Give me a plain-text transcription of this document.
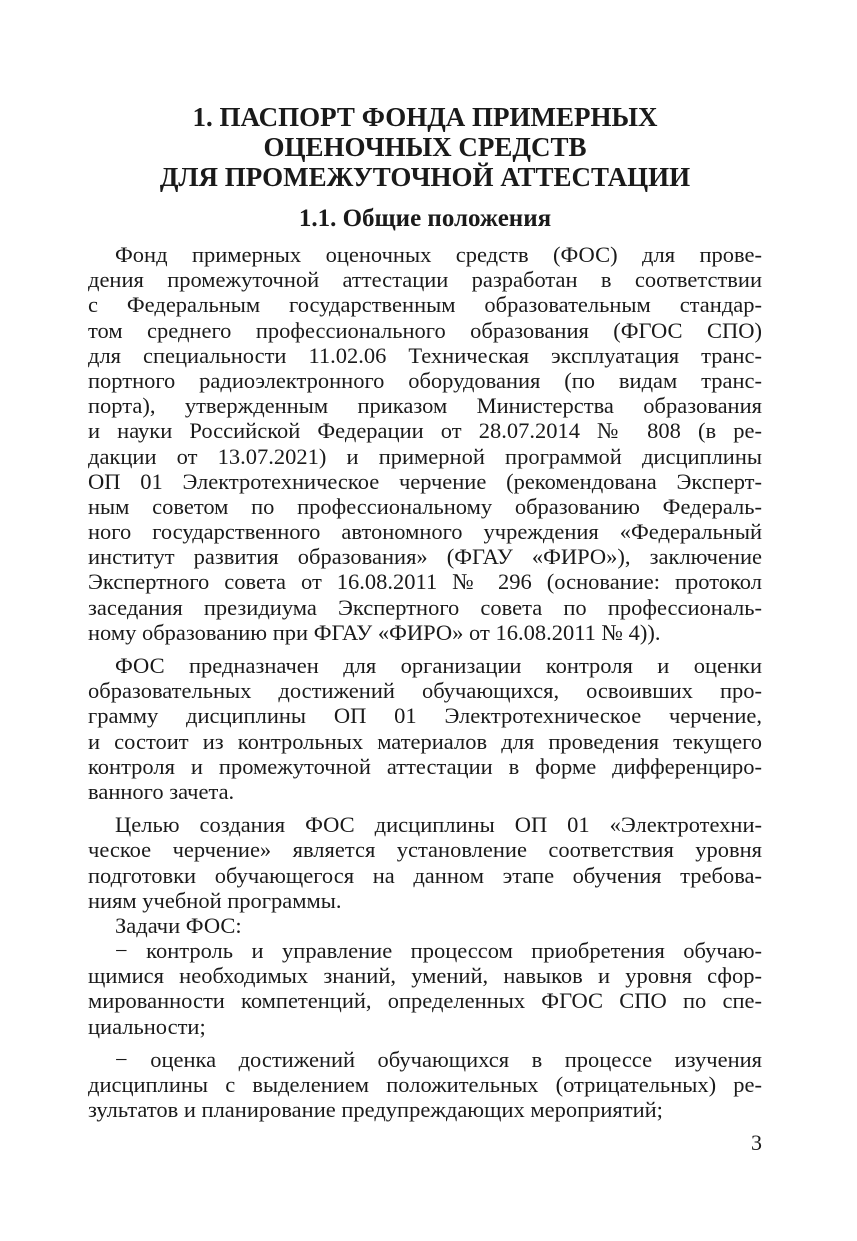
1. ПАСПОРТ ФОНДА ПРИМЕРНЫХ
ОЦЕНОЧНЫХ СРЕДСТВ
ДЛЯ ПРОМЕЖУТОЧНОЙ АТТЕСТАЦИИ
1.1. Общие положения
Фонд примерных оценочных средств (ФОС) для прове-
дения промежуточной аттестации разработан в соответствии
с Федеральным государственным образовательным стандар-
том среднего профессионального образования (ФГОС СПО)
для специальности 11.02.06 Техническая эксплуатация транс-
портного радиоэлектронного оборудования (по видам транс-
порта), утвержденным приказом Министерства образования
и науки Российской Федерации от 28.07.2014 № 808 (в ре-
дакции от 13.07.2021) и примерной программой дисциплины
ОП 01 Электротехническое черчение (рекомендована Эксперт-
ным советом по профессиональному образованию Федераль-
ного государственного автономного учреждения «Федеральный
институт развития образования» (ФГАУ «ФИРО»), заключение
Экспертного совета от 16.08.2011 № 296 (основание: протокол
заседания президиума Экспертного совета по профессиональ-
ному образованию при ФГАУ «ФИРО» от 16.08.2011 № 4)).
ФОС предназначен для организации контроля и оценки
образовательных достижений обучающихся, освоивших про-
грамму дисциплины ОП 01 Электротехническое черчение,
и состоит из контрольных материалов для проведения текущего
контроля и промежуточной аттестации в форме дифференциро-
ванного зачета.
Целью создания ФОС дисциплины ОП 01 «Электротехни-
ческое черчение» является установление соответствия уровня
подготовки обучающегося на данном этапе обучения требова-
ниям учебной программы.
Задачи ФОС:
− контроль и управление процессом приобретения обучаю-
щимися необходимых знаний, умений, навыков и уровня сфор-
мированности компетенций, определенных ФГОС СПО по спе-
циальности;
− оценка достижений обучающихся в процессе изучения
дисциплины с выделением положительных (отрицательных) ре-
зультатов и планирование предупреждающих мероприятий;
3
